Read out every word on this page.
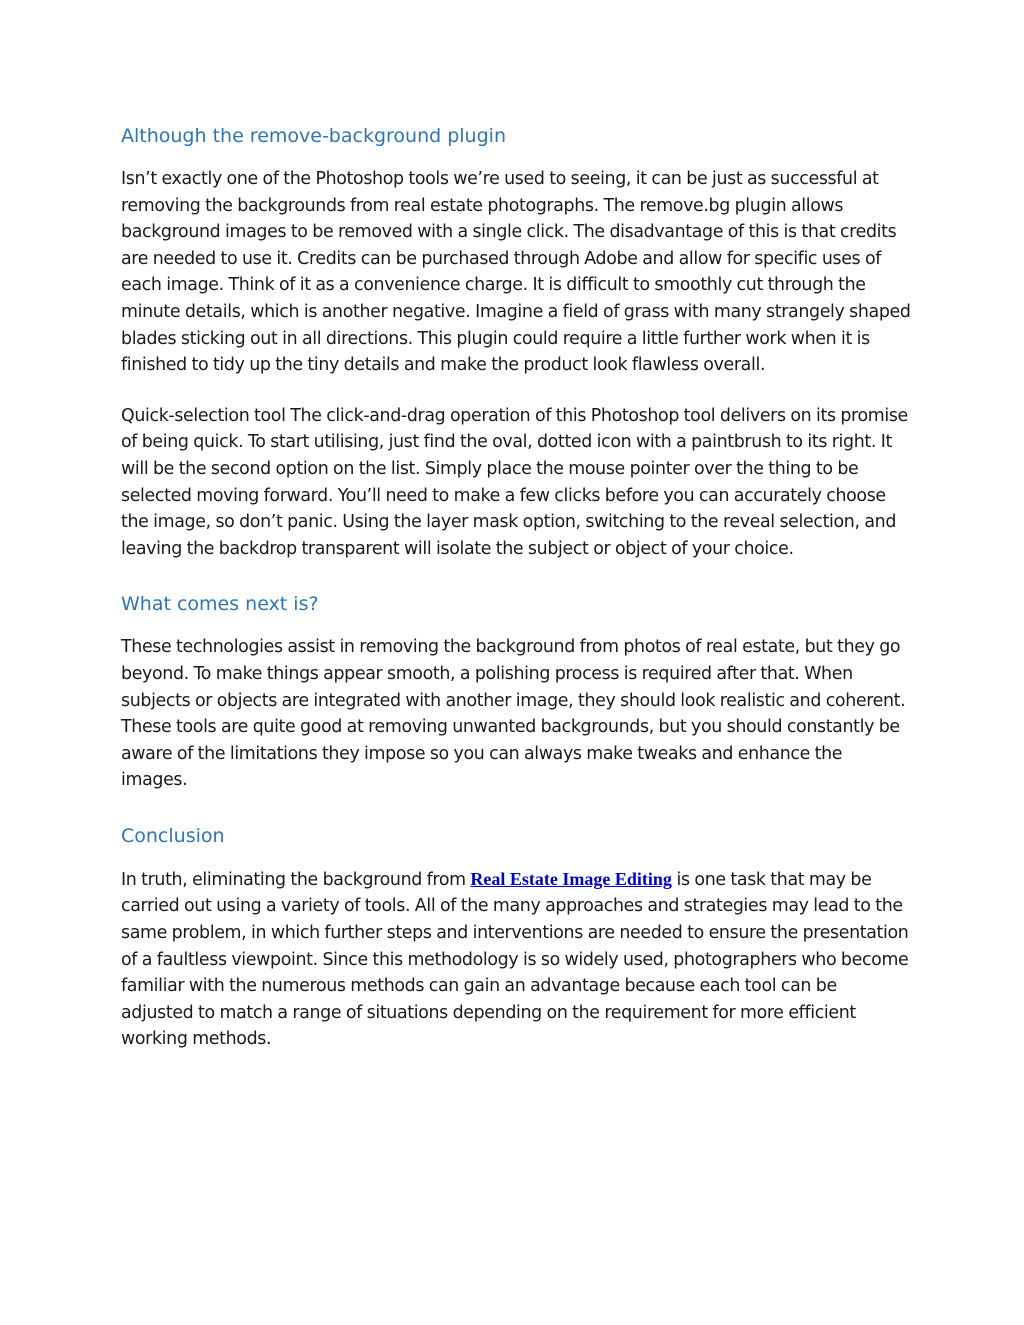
Although the remove-background plugin

Isn’t exactly one of the Photoshop tools we’re used to seeing, it can be just as successful at removing the backgrounds from real estate photographs. The remove.bg plugin allows background images to be removed with a single click. The disadvantage of this is that credits are needed to use it. Credits can be purchased through Adobe and allow for specific uses of each image. Think of it as a convenience charge. It is difficult to smoothly cut through the minute details, which is another negative. Imagine a field of grass with many strangely shaped blades sticking out in all directions. This plugin could require a little further work when it is finished to tidy up the tiny details and make the product look flawless overall.

Quick-selection tool The click-and-drag operation of this Photoshop tool delivers on its promise of being quick. To start utilising, just find the oval, dotted icon with a paintbrush to its right. It will be the second option on the list. Simply place the mouse pointer over the thing to be selected moving forward. You’ll need to make a few clicks before you can accurately choose the image, so don’t panic. Using the layer mask option, switching to the reveal selection, and leaving the backdrop transparent will isolate the subject or object of your choice.

What comes next is?

These technologies assist in removing the background from photos of real estate, but they go beyond. To make things appear smooth, a polishing process is required after that. When subjects or objects are integrated with another image, they should look realistic and coherent. These tools are quite good at removing unwanted backgrounds, but you should constantly be aware of the limitations they impose so you can always make tweaks and enhance the images.

Conclusion

In truth, eliminating the background from Real Estate Image Editing is one task that may be carried out using a variety of tools. All of the many approaches and strategies may lead to the same problem, in which further steps and interventions are needed to ensure the presentation of a faultless viewpoint. Since this methodology is so widely used, photographers who become familiar with the numerous methods can gain an advantage because each tool can be adjusted to match a range of situations depending on the requirement for more efficient working methods.
